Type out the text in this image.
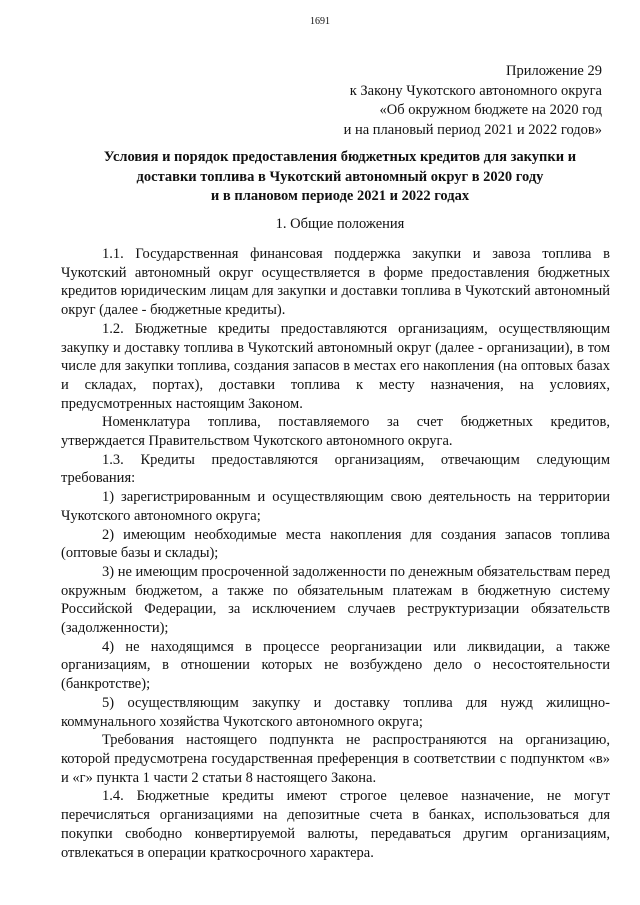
1691
Приложение 29
к Закону Чукотского автономного округа
«Об окружном бюджете на 2020 год
и на плановый период 2021 и 2022 годов»
Условия и порядок предоставления бюджетных кредитов для закупки и
доставки топлива в Чукотский автономный округ в 2020 году
и в плановом периоде 2021 и 2022 годах
1. Общие положения

1.1. Государственная финансовая поддержка закупки и завоза топлива в Чукотский автономный округ осуществляется в форме предоставления бюджетных кредитов юридическим лицам для закупки и доставки топлива в Чукотский автономный округ (далее - бюджетные кредиты).

1.2. Бюджетные кредиты предоставляются организациям, осуществляющим закупку и доставку топлива в Чукотский автономный округ (далее - организации), в том числе для закупки топлива, создания запасов в местах его накопления (на оптовых базах и складах, портах), доставки топлива к месту назначения, на условиях, предусмотренных настоящим Законом.

Номенклатура топлива, поставляемого за счет бюджетных кредитов, утверждается Правительством Чукотского автономного округа.

1.3. Кредиты предоставляются организациям, отвечающим следующим требования:

1) зарегистрированным и осуществляющим свою деятельность на территории Чукотского автономного округа;

2) имеющим необходимые места накопления для создания запасов топлива (оптовые базы и склады);

3) не имеющим просроченной задолженности по денежным обязательствам перед окружным бюджетом, а также по обязательным платежам в бюджетную систему Российской Федерации, за исключением случаев реструктуризации обязательств (задолженности);

4) не находящимся в процессе реорганизации или ликвидации, а также организациям, в отношении которых не возбуждено дело о несостоятельности (банкротстве);

5) осуществляющим закупку и доставку топлива для нужд жилищно-коммунального хозяйства Чукотского автономного округа;

Требования настоящего подпункта не распространяются на организацию, которой предусмотрена государственная преференция в соответствии с подпунктом «в» и «г» пункта 1 части 2 статьи 8 настоящего Закона.

1.4. Бюджетные кредиты имеют строгое целевое назначение, не могут перечисляться организациями на депозитные счета в банках, использоваться для покупки свободно конвертируемой валюты, передаваться другим организациям, отвлекаться в операции краткосрочного характера.
